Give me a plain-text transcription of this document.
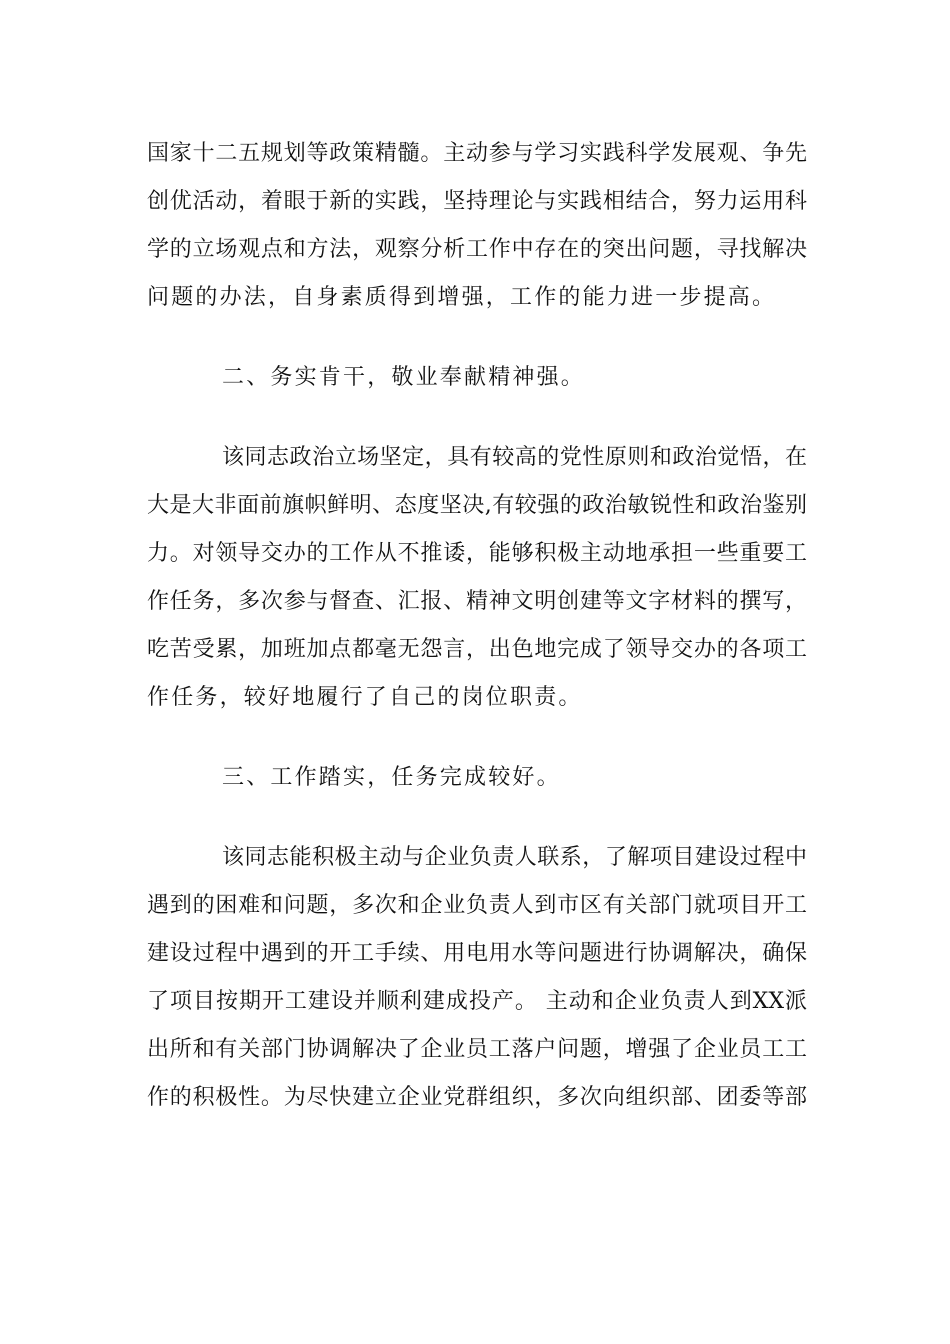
国家十二五规划等政策精髓。主动参与学习实践科学发展观、争先
创优活动，着眼于新的实践，坚持理论与实践相结合，努力运用科
学的立场观点和方法，观察分析工作中存在的突出问题，寻找解决
问题的办法，自身素质得到增强，工作的能力进一步提高。
二、务实肯干，敬业奉献精神强。
该同志政治立场坚定，具有较高的党性原则和政治觉悟，在
大是大非面前旗帜鲜明、态度坚决,有较强的政治敏锐性和政治鉴别
力。对领导交办的工作从不推诿，能够积极主动地承担一些重要工
作任务，多次参与督查、汇报、精神文明创建等文字材料的撰写，
吃苦受累，加班加点都毫无怨言，出色地完成了领导交办的各项工
作任务，较好地履行了自己的岗位职责。
三、工作踏实，任务完成较好。
该同志能积极主动与企业负责人联系，了解项目建设过程中
遇到的困难和问题，多次和企业负责人到市区有关部门就项目开工
建设过程中遇到的开工手续、用电用水等问题进行协调解决，确保
了项目按期开工建设并顺利建成投产。 主动和企业负责人到XX派
出所和有关部门协调解决了企业员工落户问题，增强了企业员工工
作的积极性。为尽快建立企业党群组织，多次向组织部、团委等部
